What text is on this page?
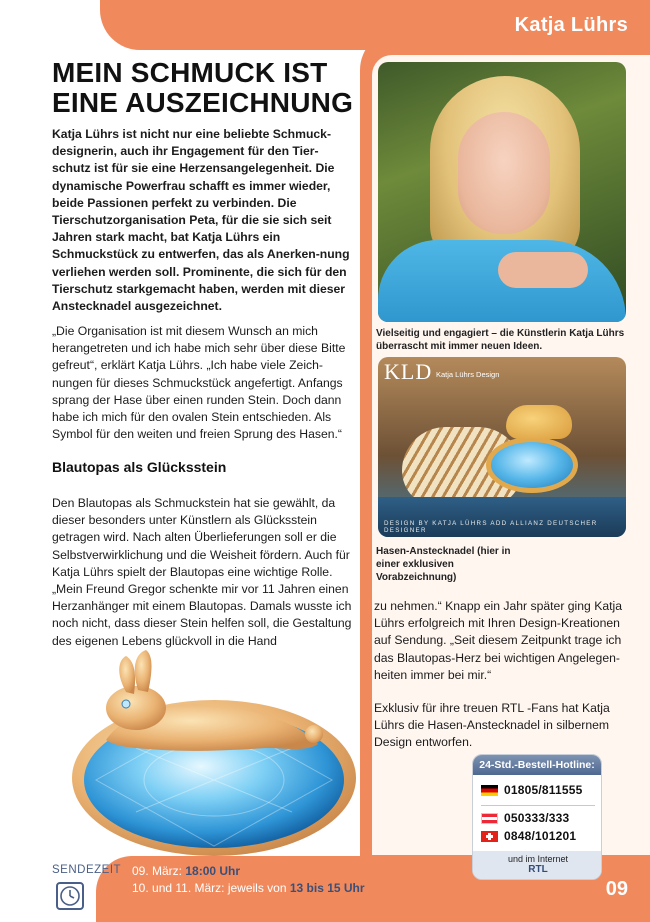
Katja Lührs
MEIN SCHMUCK IST
EINE AUSZEICHNUNG

Katja Lührs ist nicht nur eine beliebte Schmuck-designerin, auch ihr Engagement für den Tier-schutz ist für sie eine Herzensangelegenheit. Die dynamische Powerfrau schafft es immer wieder, beide Passionen perfekt zu verbinden. Die Tierschutzorganisation Peta, für die sie sich seit Jahren stark macht, bat Katja Lührs ein Schmuckstück zu entwerfen, das als Anerken-nung verliehen werden soll. Prominente, die sich für den Tierschutz starkgemacht haben, werden mit dieser Anstecknadel ausgezeichnet.

„Die Organisation ist mit diesem Wunsch an mich herangetreten und ich habe mich sehr über diese Bitte gefreut“, erklärt Katja Lührs. „Ich habe viele Zeich-nungen für dieses Schmuckstück angefertigt. Anfangs sprang der Hase über einen runden Stein. Doch dann habe ich mich für den ovalen Stein entschieden. Als Symbol für den weiten und freien Sprung des Hasen.“

Blautopas als Glücksstein

Den Blautopas als Schmuckstein hat sie gewählt, da dieser besonders unter Künstlern als Glücksstein getragen wird. Nach alten Überlieferungen soll er die Selbstverwirklichung und die Weisheit fördern. Auch für Katja Lührs spielt der Blautopas eine wichtige Rolle. „Mein Freund Gregor schenkte mir vor 11 Jahren einen Herzanhänger mit einem Blautopas. Damals wusste ich noch nicht, dass dieser Stein helfen soll, die Gestaltung des eigenen Lebens glückvoll in die Hand

Vielseitig und engagiert – die Künstlerin Katja Lührs überrascht mit immer neuen Ideen.

KLD Katja Lührs Design
DESIGN BY KATJA LÜHRS ADD ALLIANZ DEUTSCHER DESIGNER

Hasen-Anstecknadel (hier in einer exklusiven Vorabzeichnung)

zu nehmen.“ Knapp ein Jahr später ging Katja Lührs erfolgreich mit Ihren Design-Kreationen auf Sendung. „Seit diesem Zeitpunkt trage ich das Blautopas-Herz bei wichtigen Angelegen-heiten immer bei mir.“

Exklusiv für ihre treuen RTL -Fans hat Katja Lührs die Hasen-Anstecknadel in silbernem Design entworfen.

24-Std.-Bestell-Hotline:
01805/811555
050333/333
0848/101201
und im Internet
RTL
SENDEZEIT 09. März: 18:00 Uhr
10. und 11. März: jeweils von 13 bis 15 Uhr	09
